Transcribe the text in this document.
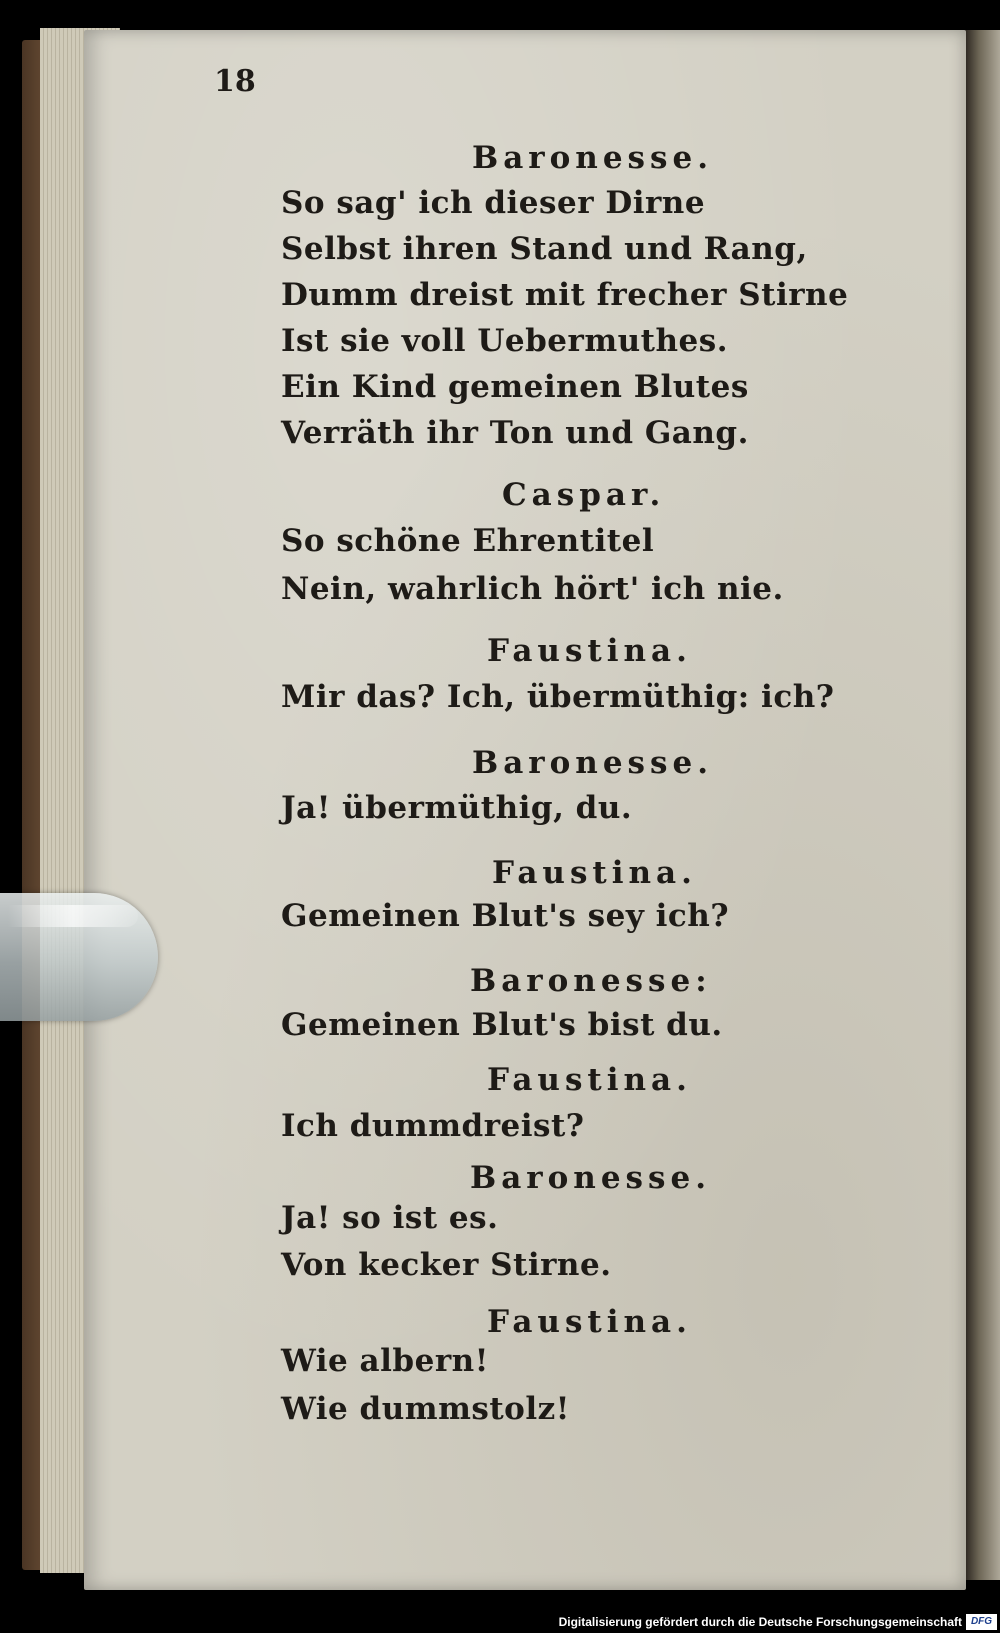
18
Baronesse.
So sag' ich dieser Dirne
Selbst ihren Stand und Rang,
Dumm dreist mit frecher Stirne
Ist sie voll Uebermuthes.
Ein Kind gemeinen Blutes
Verräth ihr Ton und Gang.
Caspar.
So schöne Ehrentitel
Nein, wahrlich hört' ich nie.
Faustina.
Mir das? Ich, übermüthig: ich?
Baronesse.
Ja! übermüthig, du.
Faustina.
Gemeinen Blut's sey ich?
Baronesse:
Gemeinen Blut's bist du.
Faustina.
Ich dummdreist?
Baronesse.
Ja! so ist es.
Von kecker Stirne.
Faustina.
Wie albern!
Wie dummstolz!
Digitalisierung gefördert durch die Deutsche Forschungsgemeinschaft DFG
